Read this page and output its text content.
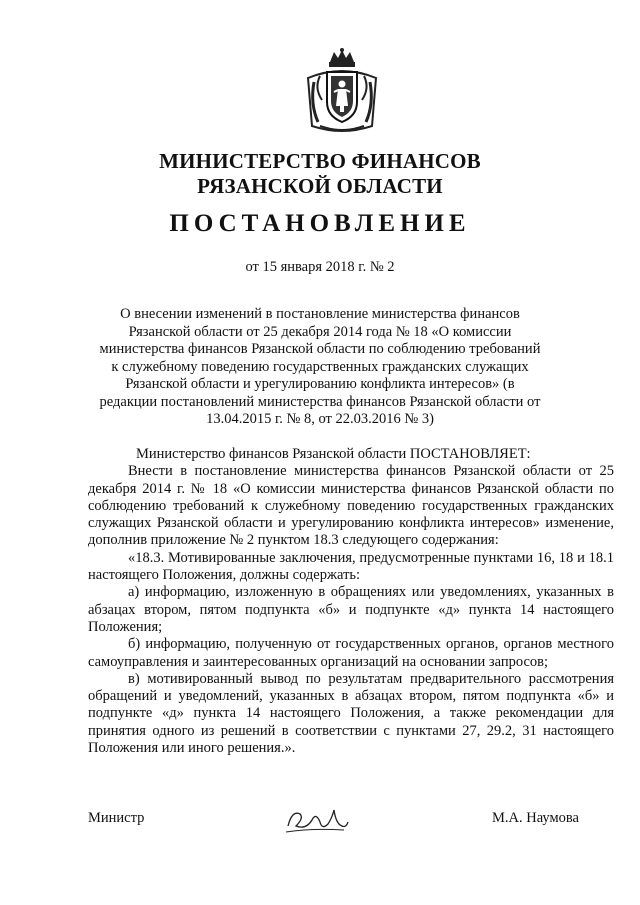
МИНИСТЕРСТВО ФИНАНСОВ
РЯЗАНСКОЙ ОБЛАСТИ
ПОСТАНОВЛЕНИЕ
от 15 января 2018 г. № 2
О внесении изменений в постановление министерства финансов Рязанской области от 25 декабря 2014 года № 18 «О комиссии министерства финансов Рязанской области по соблюдению требований к служебному поведению государственных гражданских служащих Рязанской области и урегулированию конфликта интересов» (в редакции постановлений министерства финансов Рязанской области от 13.04.2015 г. № 8, от 22.03.2016 № 3)

Министерство финансов Рязанской области ПОСТАНОВЛЯЕТ:

Внести в постановление министерства финансов Рязанской области от 25 декабря 2014 г. № 18 «О комиссии министерства финансов Рязанской области по соблюдению требований к служебному поведению государственных гражданских служащих Рязанской области и урегулированию конфликта интересов» изменение, дополнив приложение № 2 пунктом 18.3 следующего содержания:

«18.3. Мотивированные заключения, предусмотренные пунктами 16, 18 и 18.1 настоящего Положения, должны содержать:

а) информацию, изложенную в обращениях или уведомлениях, указанных в абзацах втором, пятом подпункта «б» и подпункте «д» пункта 14 настоящего Положения;

б) информацию, полученную от государственных органов, органов местного самоуправления и заинтересованных организаций на основании запросов;

в) мотивированный вывод по результатам предварительного рассмотрения обращений и уведомлений, указанных в абзацах втором, пятом подпункта «б» и подпункте «д» пункта 14 настоящего Положения, а также рекомендации для принятия одного из решений в соответствии с пунктами 27, 29.2, 31 настоящего Положения или иного решения.».

Министр	М.А. Наумова
